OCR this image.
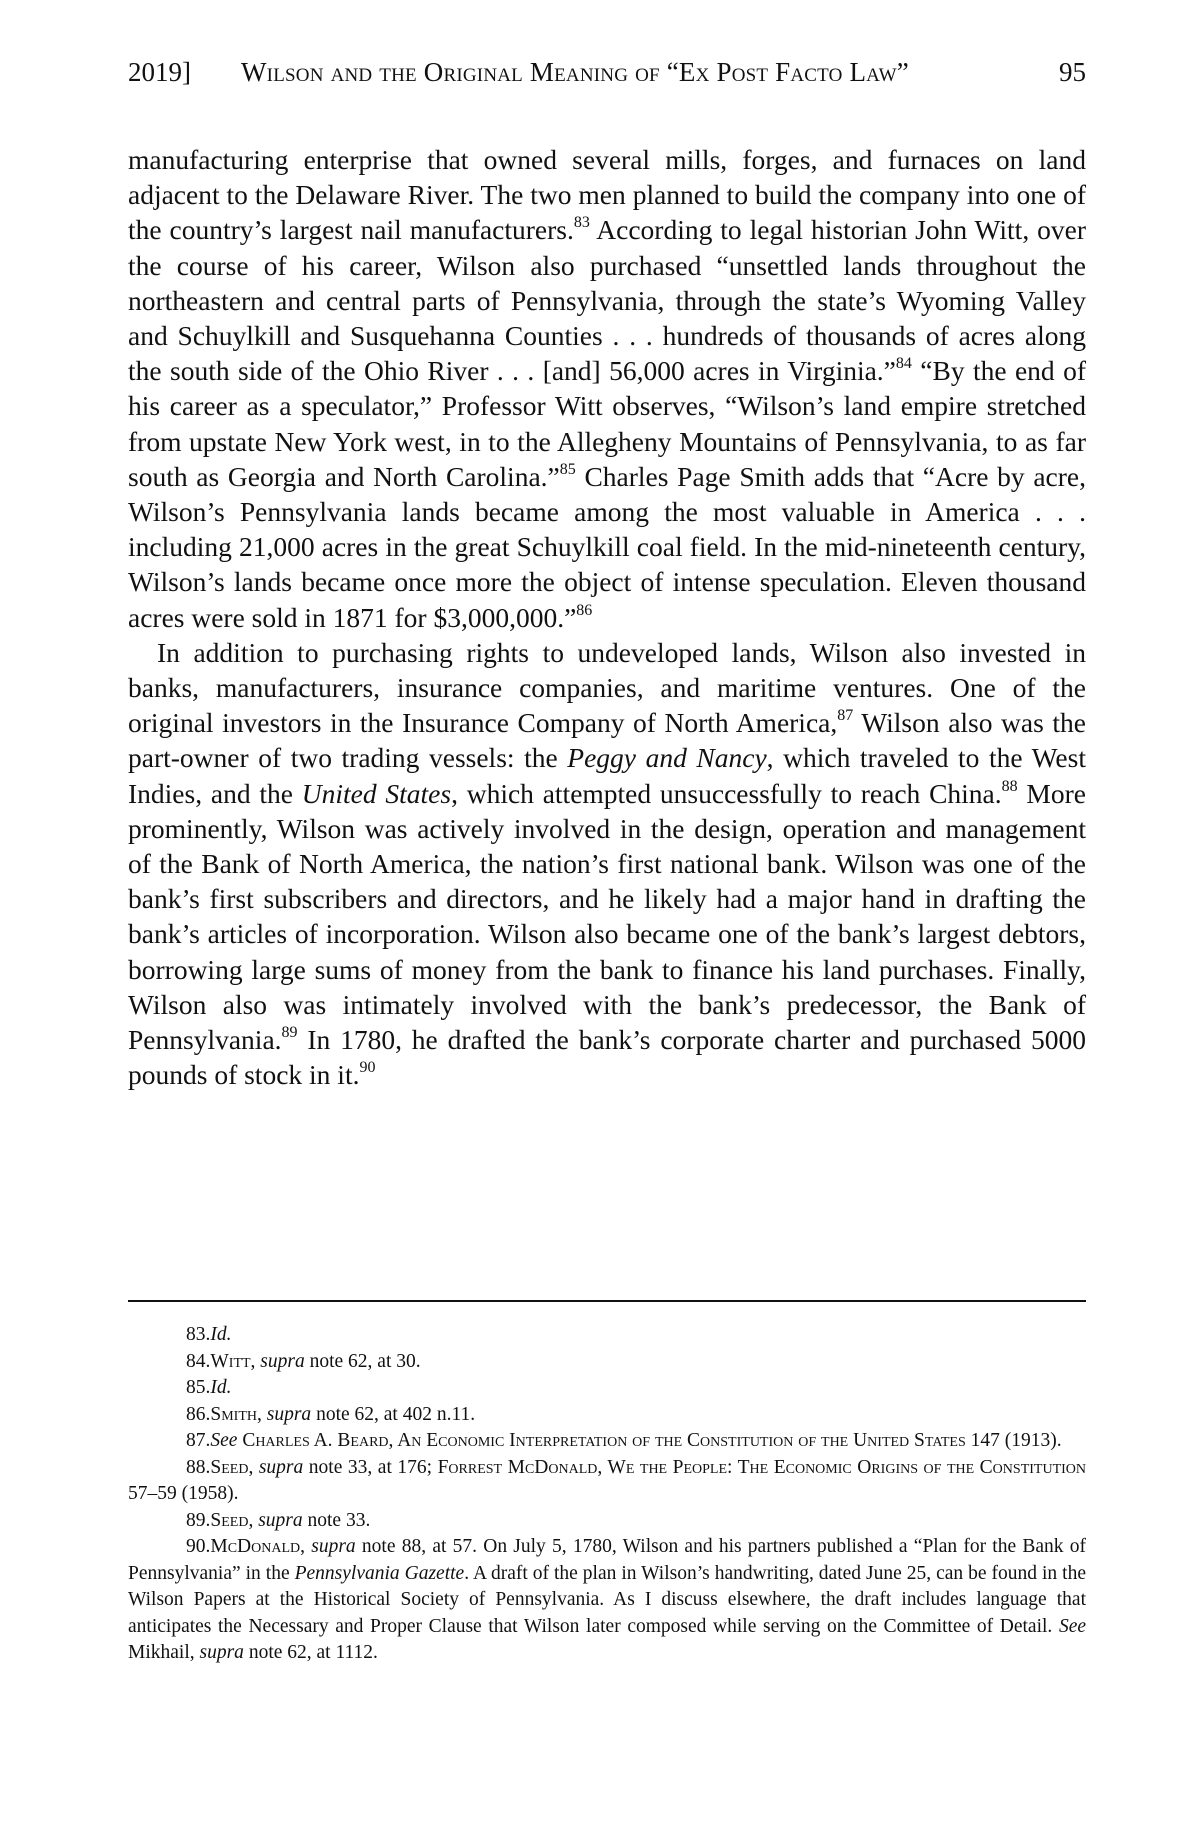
2019] Wilson and the Original Meaning of “Ex Post Facto Law”	95

manufacturing enterprise that owned several mills, forges, and furnaces on land adjacent to the Delaware River. The two men planned to build the company into one of the country’s largest nail manufacturers.$^{83}$ According to legal historian John Witt, over the course of his career, Wilson also purchased “unsettled lands throughout the northeastern and central parts of Pennsylvania, through the state’s Wyoming Valley and Schuylkill and Susquehanna Counties . . . hundreds of thousands of acres along the south side of the Ohio River . . . [and] 56,000 acres in Virginia.”$^{84}$ “By the end of his career as a speculator,” Professor Witt observes, “Wilson’s land empire stretched from upstate New York west, in to the Allegheny Mountains of Pennsylvania, to as far south as Georgia and North Carolina.”$^{85}$ Charles Page Smith adds that “Acre by acre, Wilson’s Pennsylvania lands became among the most valuable in America . . . including 21,000 acres in the great Schuylkill coal field. In the mid-nineteenth century, Wilson’s lands became once more the object of intense speculation. Eleven thousand acres were sold in 1871 for $3,000,000.”$^{86}$

In addition to purchasing rights to undeveloped lands, Wilson also invested in banks, manufacturers, insurance companies, and maritime ventures. One of the original investors in the Insurance Company of North America,$^{87}$ Wilson also was the part-owner of two trading vessels: the Peggy and Nancy, which traveled to the West Indies, and the United States, which attempted unsuccessfully to reach China.$^{88}$ More prominently, Wilson was actively involved in the design, operation and management of the Bank of North America, the nation’s first national bank. Wilson was one of the bank’s first subscribers and directors, and he likely had a major hand in drafting the bank’s articles of incorporation. Wilson also became one of the bank’s largest debtors, borrowing large sums of money from the bank to finance his land purchases. Finally, Wilson also was intimately involved with the bank’s predecessor, the Bank of Pennsylvania.$^{89}$ In 1780, he drafted the bank’s corporate charter and purchased 5000 pounds of stock in it.$^{90}$

83.Id.

84.Witt, supra note 62, at 30.

85.Id.

86.Smith, supra note 62, at 402 n.11.

87.See Charles A. Beard, An Economic Interpretation of the Constitution of the United States 147 (1913).

88.Seed, supra note 33, at 176; Forrest McDonald, We the People: The Economic Origins of the Constitution 57–59 (1958).

89.Seed, supra note 33.

90.McDonald, supra note 88, at 57. On July 5, 1780, Wilson and his partners published a “Plan for the Bank of Pennsylvania” in the Pennsylvania Gazette. A draft of the plan in Wilson’s handwriting, dated June 25, can be found in the Wilson Papers at the Historical Society of Pennsylvania. As I discuss elsewhere, the draft includes language that anticipates the Necessary and Proper Clause that Wilson later composed while serving on the Committee of Detail. See Mikhail, supra note 62, at 1112.
